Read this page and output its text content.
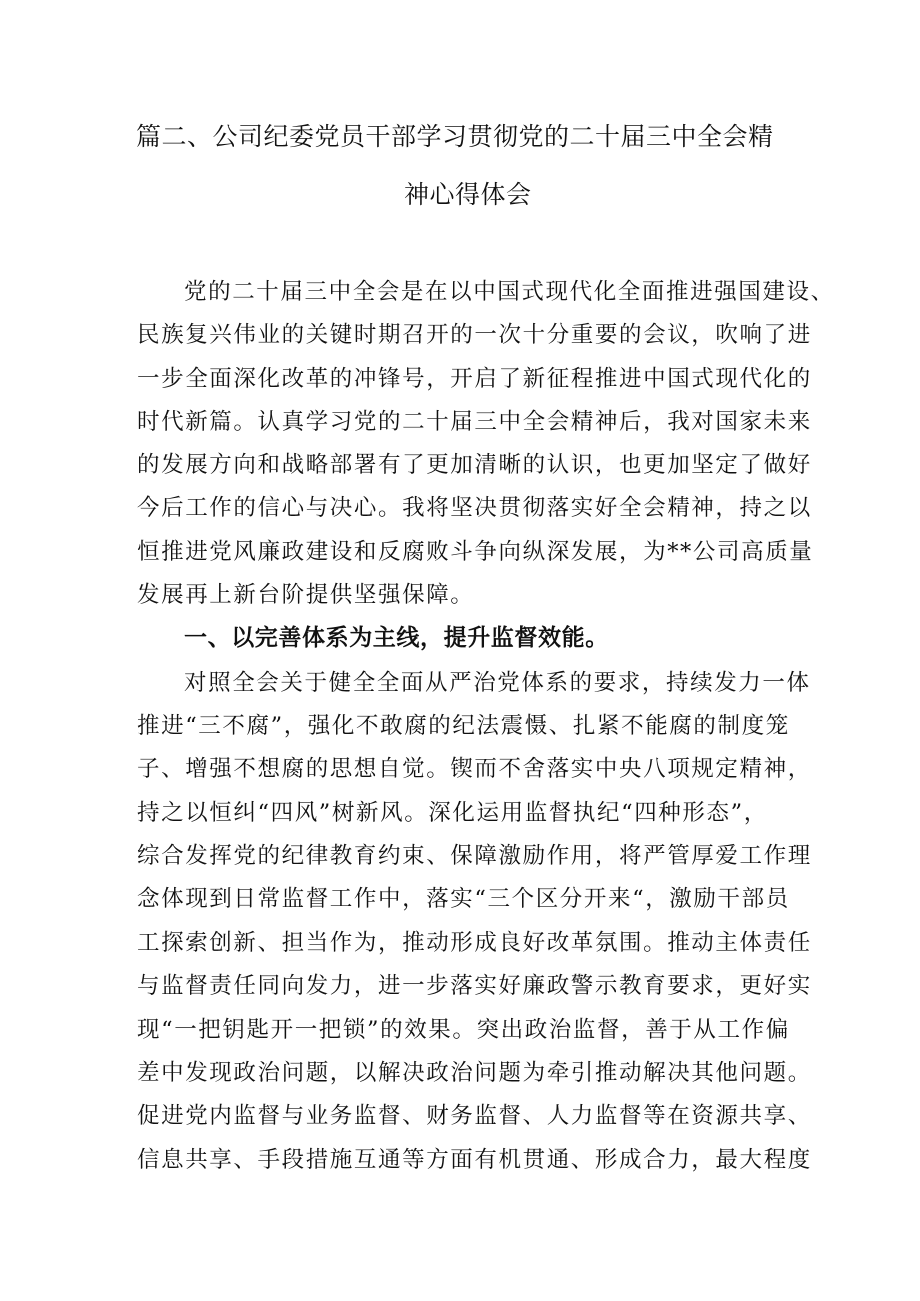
篇二、公司纪委党员干部学习贯彻党的二十届三中全会精
神心得体会
党的二十届三中全会是在以中国式现代化全面推进强国建设、
民族复兴伟业的关键时期召开的一次十分重要的会议，吹响了进
一步全面深化改革的冲锋号，开启了新征程推进中国式现代化的
时代新篇。认真学习党的二十届三中全会精神后，我对国家未来
的发展方向和战略部署有了更加清晰的认识，也更加坚定了做好
今后工作的信心与决心。我将坚决贯彻落实好全会精神，持之以
恒推进党风廉政建设和反腐败斗争向纵深发展，为**公司高质量
发展再上新台阶提供坚强保障。
一、以完善体系为主线，提升监督效能。
对照全会关于健全全面从严治党体系的要求，持续发力一体
推进“三不腐”，强化不敢腐的纪法震慑、扎紧不能腐的制度笼
子、增强不想腐的思想自觉。锲而不舍落实中央八项规定精神，
持之以恒纠“四风”树新风。深化运用监督执纪“四种形态”，
综合发挥党的纪律教育约束、保障激励作用，将严管厚爱工作理
念体现到日常监督工作中，落实“三个区分开来“，激励干部员
工探索创新、担当作为，推动形成良好改革氛围。推动主体责任
与监督责任同向发力，进一步落实好廉政警示教育要求，更好实
现“一把钥匙开一把锁”的效果。突出政治监督，善于从工作偏
差中发现政治问题，以解决政治问题为牵引推动解决其他问题。
促进党内监督与业务监督、财务监督、人力监督等在资源共享、
信息共享、手段措施互通等方面有机贯通、形成合力，最大程度
